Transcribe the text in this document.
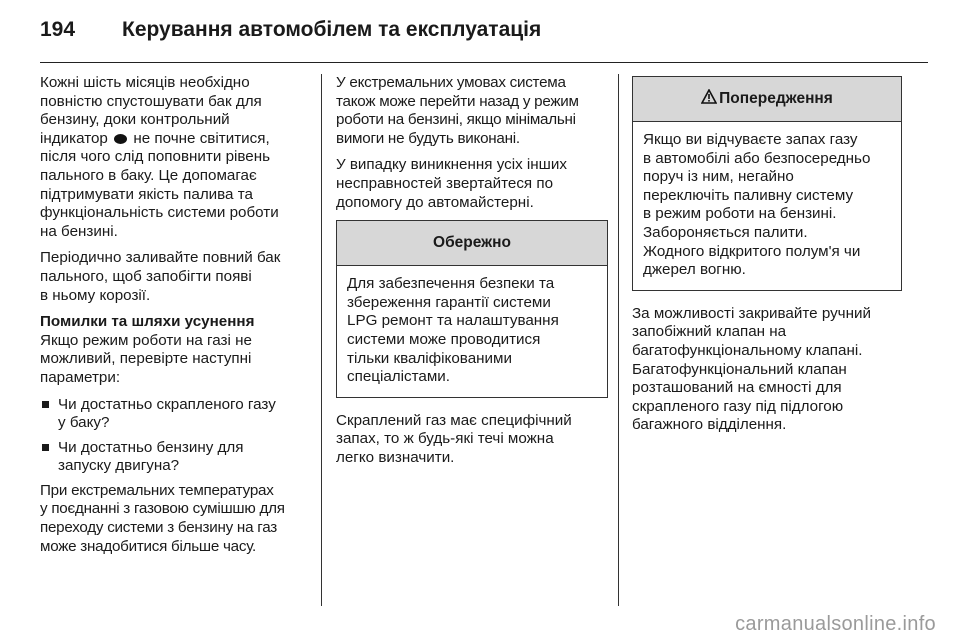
194 Керування автомобілем та експлуатація

Кожні шість місяців необхідно
повністю спустошувати бак для
бензину, доки контрольний
індикатор не почне світитися,
після чого слід поповнити рівень
пального в баку. Це допомагає
підтримувати якість палива та
функціональність системи роботи
на бензині.

Періодично заливайте повний бак
пального, щоб запобігти появі
в ньому корозії.

Помилки та шляхи усунення

Якщо режим роботи на газі не
можливий, перевірте наступні
параметри:

Чи достатньо скрапленого газу
у баку?
Чи достатньо бензину для
запуску двигуна?

При екстремальних температурах
у поєднанні з газовою сумішшю для
переходу системи з бензину на газ
може знадобитися більше часу.

У екстремальних умовах система
також може перейти назад у режим
роботи на бензині, якщо мінімальні
вимоги не будуть виконані.

У випадку виникнення усіх інших
несправностей звертайтеся по
допомогу до автомайстерні.

Обережно
Для забезпечення безпеки та
збереження гарантії системи
LPG ремонт та налаштування
системи може проводитися
тільки кваліфікованими
спеціалістами.

Скраплений газ має специфічний
запах, то ж будь-які течі можна
легко визначити.

Попередження
Якщо ви відчуваєте запах газу
в автомобілі або безпосередньо
поруч із ним, негайно
переключіть паливну систему
в режим роботи на бензині.
Забороняється палити.
Жодного відкритого полум'я чи
джерел вогню.

За можливості закривайте ручний
запобіжний клапан на
багатофункціональному клапані.
Багатофункціональний клапан
розташований на ємності для
скрапленого газу під підлогою
багажного відділення.

carmanualsonline.info
